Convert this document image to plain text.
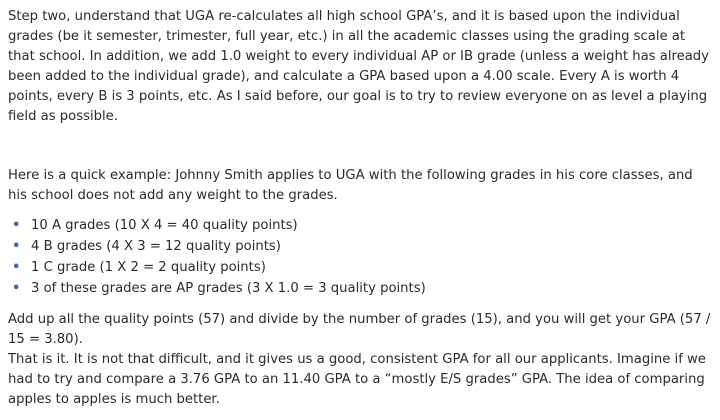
Step two, understand that UGA re-calculates all high school GPA’s, and it is based upon the individual grades (be it semester, trimester, full year, etc.) in all the academic classes using the grading scale at that school. In addition, we add 1.0 weight to every individual AP or IB grade (unless a weight has already been added to the individual grade), and calculate a GPA based upon a 4.00 scale. Every A is worth 4 points, every B is 3 points, etc. As I said before, our goal is to try to review everyone on as level a playing field as possible.

Here is a quick example: Johnny Smith applies to UGA with the following grades in his core classes, and his school does not add any weight to the grades.

• 10 A grades (10 X 4 = 40 quality points)
• 4 B grades (4 X 3 = 12 quality points)
• 1 C grade (1 X 2 = 2 quality points)
• 3 of these grades are AP grades (3 X 1.0 = 3 quality points)

Add up all the quality points (57) and divide by the number of grades (15), and you will get your GPA (57 / 15 = 3.80).

That is it. It is not that difficult, and it gives us a good, consistent GPA for all our applicants. Imagine if we had to try and compare a 3.76 GPA to an 11.40 GPA to a “mostly E/S grades” GPA. The idea of comparing apples to apples is much better.
